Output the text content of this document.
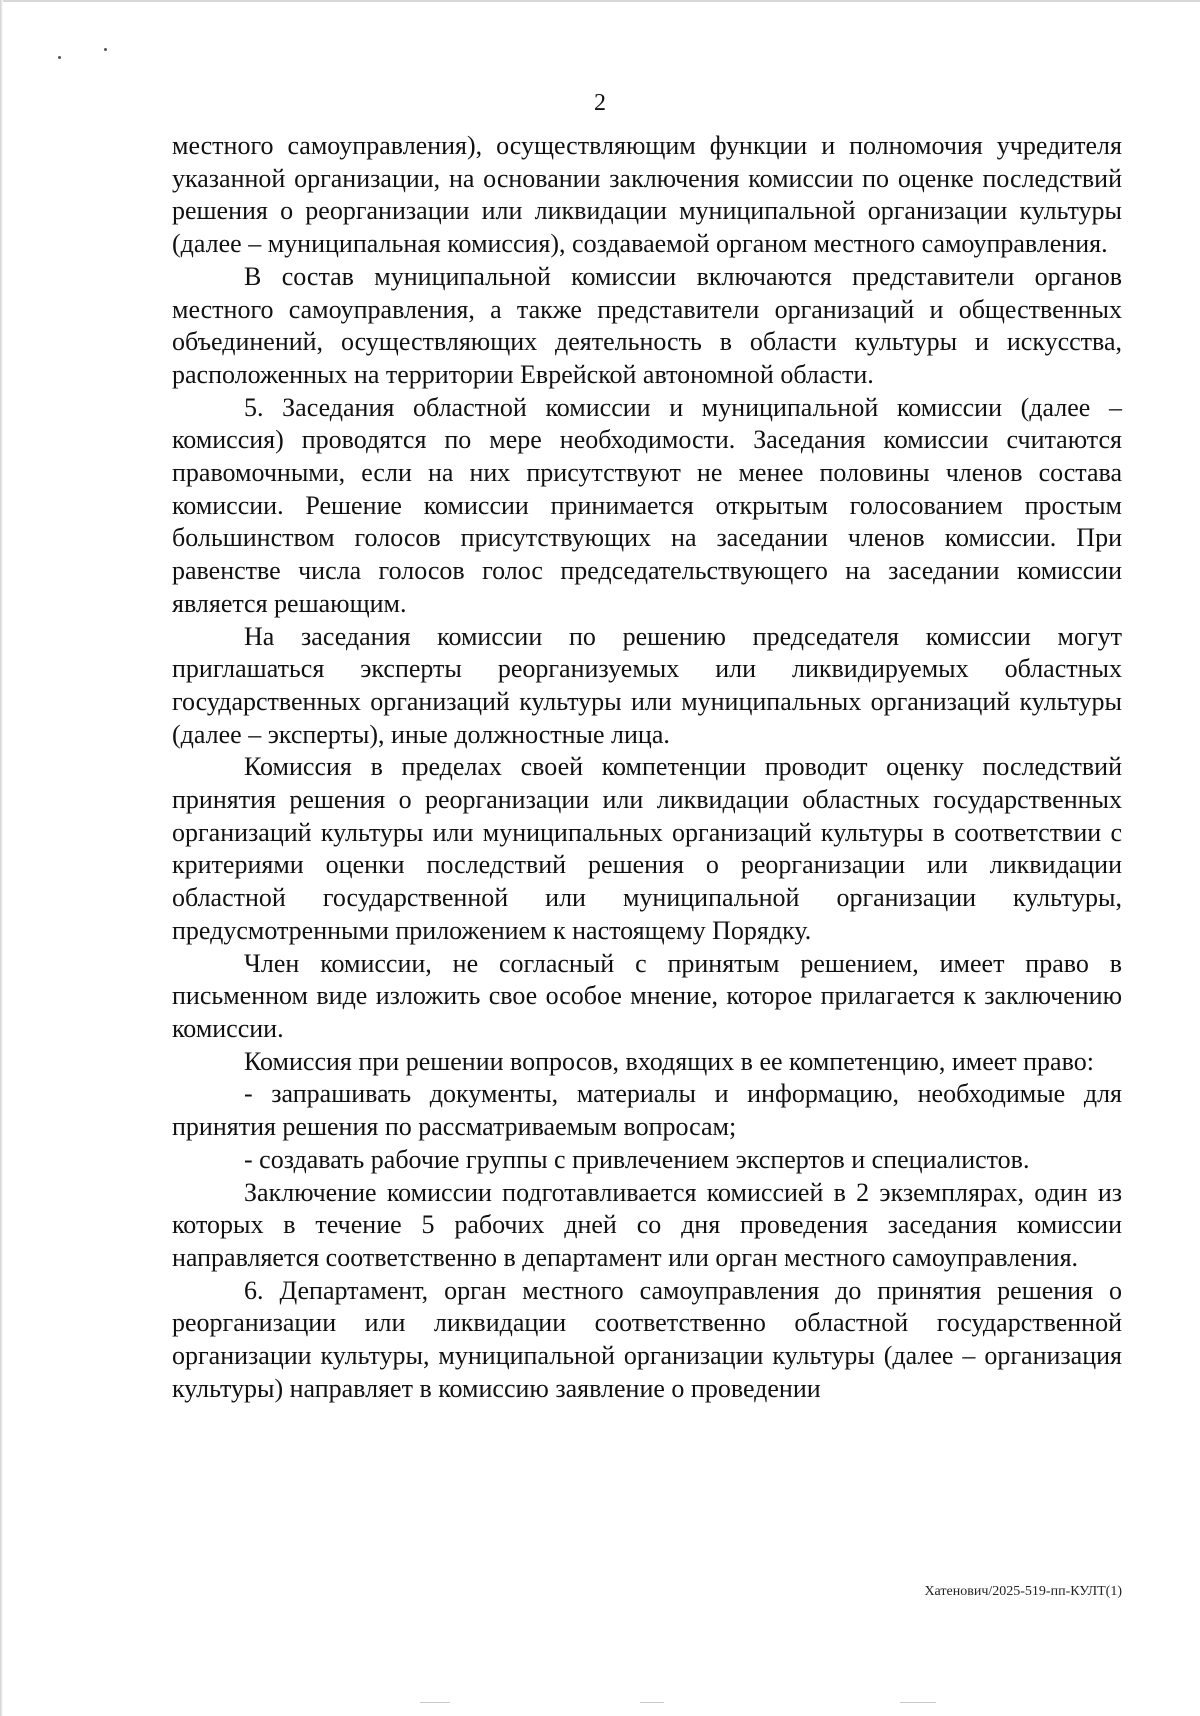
2

местного самоуправления), осуществляющим функции и полномочия учредителя указанной организации, на основании заключения комиссии по оценке последствий решения о реорганизации или ликвидации муниципальной организации культуры (далее – муниципальная комиссия), создаваемой органом местного самоуправления.

В состав муниципальной комиссии включаются представители органов местного самоуправления, а также представители организаций и общественных объединений, осуществляющих деятельность в области культуры и искусства, расположенных на территории Еврейской автономной области.

5. Заседания областной комиссии и муниципальной комиссии (далее – комиссия) проводятся по мере необходимости. Заседания комиссии считаются правомочными, если на них присутствуют не менее половины членов состава комиссии. Решение комиссии принимается открытым голосованием простым большинством голосов присутствующих на заседании членов комиссии. При равенстве числа голосов голос председательствующего на заседании комиссии является решающим.

На заседания комиссии по решению председателя комиссии могут приглашаться эксперты реорганизуемых или ликвидируемых областных государственных организаций культуры или муниципальных организаций культуры (далее – эксперты), иные должностные лица.

Комиссия в пределах своей компетенции проводит оценку последствий принятия решения о реорганизации или ликвидации областных государственных организаций культуры или муниципальных организаций культуры в соответствии с критериями оценки последствий решения о реорганизации или ликвидации областной государственной или муниципальной организации культуры, предусмотренными приложением к настоящему Порядку.

Член комиссии, не согласный с принятым решением, имеет право в письменном виде изложить свое особое мнение, которое прилагается к заключению комиссии.

Комиссия при решении вопросов, входящих в ее компетенцию, имеет право:

- запрашивать документы, материалы и информацию, необходимые для принятия решения по рассматриваемым вопросам;

- создавать рабочие группы с привлечением экспертов и специалистов.

Заключение комиссии подготавливается комиссией в 2 экземплярах, один из которых в течение 5 рабочих дней со дня проведения заседания комиссии направляется соответственно в департамент или орган местного самоуправления.

6. Департамент, орган местного самоуправления до принятия решения о реорганизации или ликвидации соответственно областной государственной организации культуры, муниципальной организации культуры (далее – организация культуры) направляет в комиссию заявление о проведении

Хатенович/2025-519-пп-КУЛТ(1)
